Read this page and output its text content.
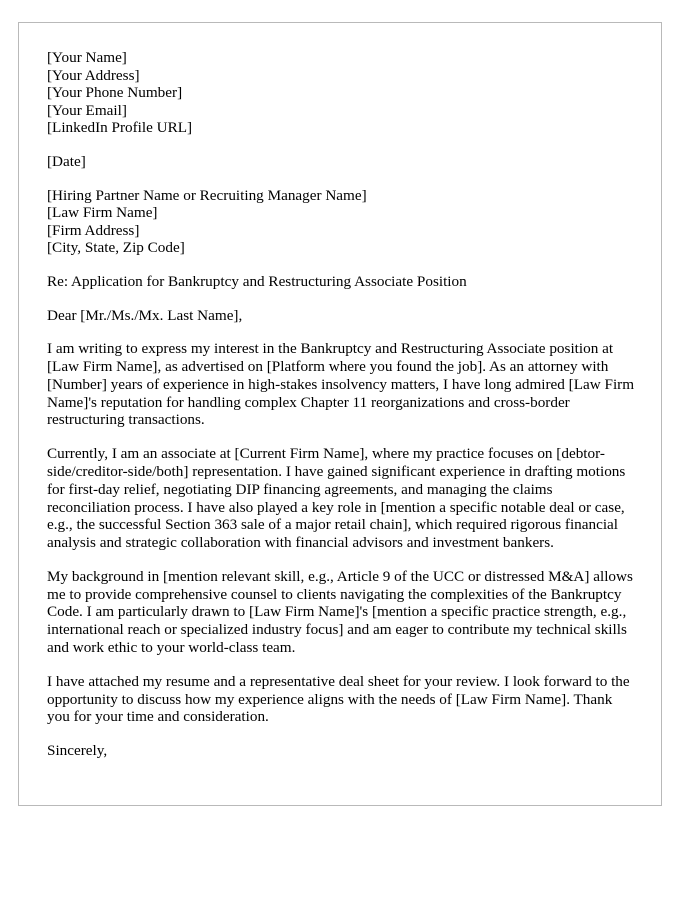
[Your Name]
[Your Address]
[Your Phone Number]
[Your Email]
[LinkedIn Profile URL]
[Date]
[Hiring Partner Name or Recruiting Manager Name]
[Law Firm Name]
[Firm Address]
[City, State, Zip Code]
Re: Application for Bankruptcy and Restructuring Associate Position
Dear [Mr./Ms./Mx. Last Name],

I am writing to express my interest in the Bankruptcy and Restructuring Associate position at [Law Firm Name], as advertised on [Platform where you found the job]. As an attorney with [Number] years of experience in high-stakes insolvency matters, I have long admired [Law Firm Name]'s reputation for handling complex Chapter 11 reorganizations and cross-border restructuring transactions.

Currently, I am an associate at [Current Firm Name], where my practice focuses on [debtor-side/creditor-side/both] representation. I have gained significant experience in drafting motions for first-day relief, negotiating DIP financing agreements, and managing the claims reconciliation process. I have also played a key role in [mention a specific notable deal or case, e.g., the successful Section 363 sale of a major retail chain], which required rigorous financial analysis and strategic collaboration with financial advisors and investment bankers.

My background in [mention relevant skill, e.g., Article 9 of the UCC or distressed M&A] allows me to provide comprehensive counsel to clients navigating the complexities of the Bankruptcy Code. I am particularly drawn to [Law Firm Name]'s [mention a specific practice strength, e.g., international reach or specialized industry focus] and am eager to contribute my technical skills and work ethic to your world-class team.

I have attached my resume and a representative deal sheet for your review. I look forward to the opportunity to discuss how my experience aligns with the needs of [Law Firm Name]. Thank you for your time and consideration.

Sincerely,
